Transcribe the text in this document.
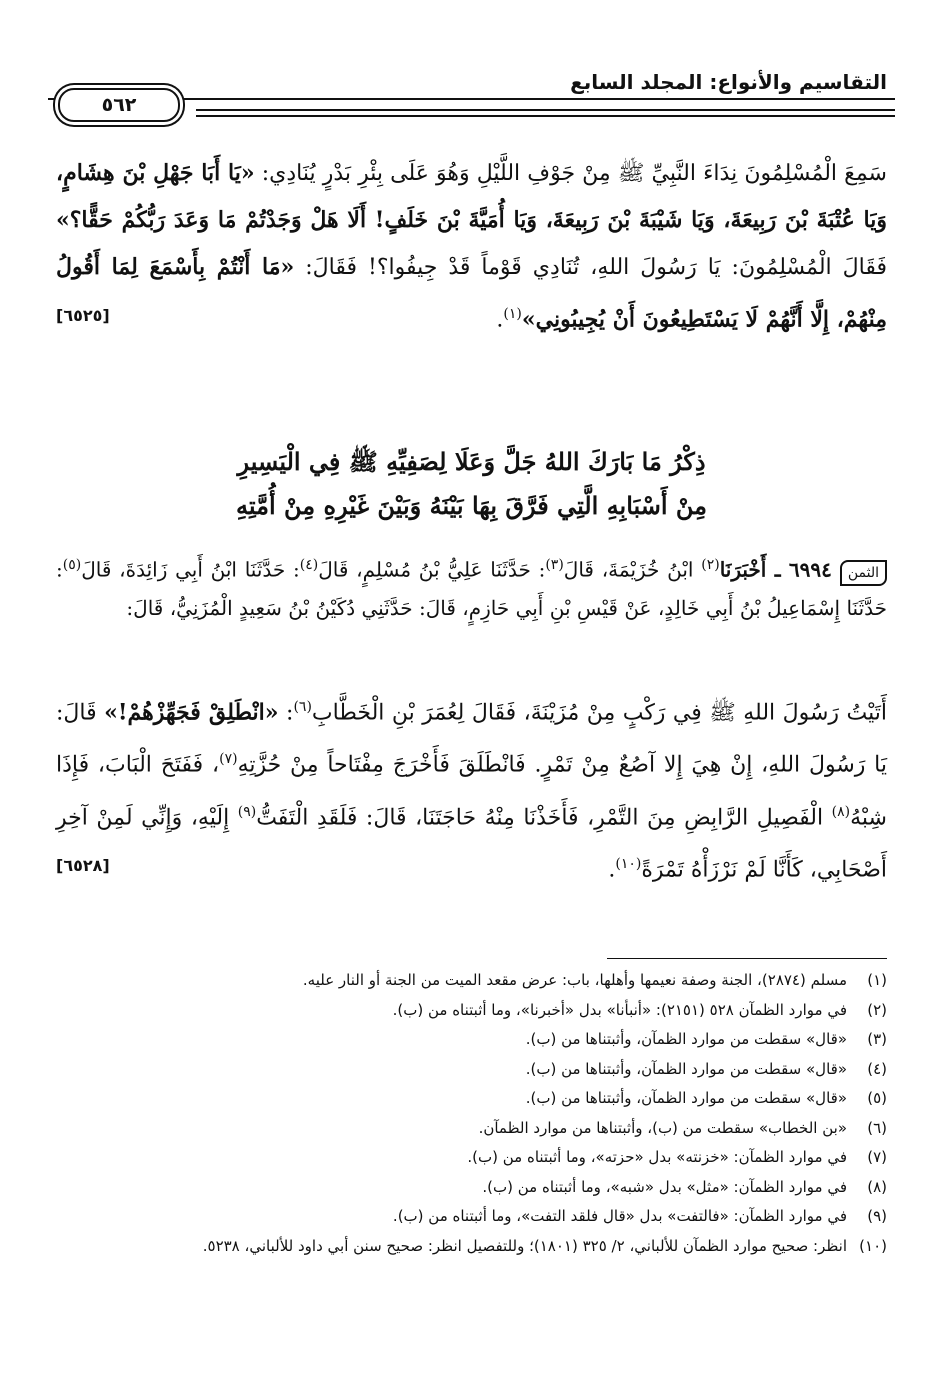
التقاسيم والأنواع: المجلد السابع
٥٦٢
سَمِعَ الْمُسْلِمُونَ نِدَاءَ النَّبِيِّ ﷺ مِنْ جَوْفِ اللَّيْلِ وَهُوَ عَلَى بِئْرِ بَدْرٍ يُنَادِي: «يَا أَبَا جَهْلِ بْنَ هِشَامٍ، وَيَا عُتْبَةَ بْنَ رَبِيعَةَ، وَيَا شَيْبَةَ بْنَ رَبِيعَةَ، وَيَا أُمَيَّةَ بْنَ خَلَفٍ! أَلَا هَلْ وَجَدْتُمْ مَا وَعَدَ رَبُّكُمْ حَقًّا؟» فَقَالَ الْمُسْلِمُونَ: يَا رَسُولَ اللهِ، تُنَادِي قَوْماً قَدْ جِيفُوا؟! فَقَالَ: «مَا أَنْتُمْ بِأَسْمَعَ لِمَا أَقُولُ مِنْهُمْ، إِلَّا أَنَّهُمْ لَا يَسْتَطِيعُونَ أَنْ يُجِيبُونِي»$^{(١)}$.
[٦٥٢٥]
ذِكْرُ مَا بَارَكَ اللهُ جَلَّ وَعَلَا لِصَفِيِّهِ ﷺ فِي الْيَسِيرِ
مِنْ أَسْبَابِهِ الَّتِي فَرَّقَ بِهَا بَيْنَهُ وَبَيْنَ غَيْرِهِ مِنْ أُمَّتِهِ
الثمن٦٩٩٤ ـ أَخْبَرَنَا$^{(٢)}$ ابْنُ خُزَيْمَةَ، قَالَ$^{(٣)}$: حَدَّثَنَا عَلِيُّ بْنُ مُسْلِمٍ، قَالَ$^{(٤)}$: حَدَّثَنَا ابْنُ أَبِي زَائِدَةَ، قَالَ$^{(٥)}$: حَدَّثَنَا إِسْمَاعِيلُ بْنُ أَبِي خَالِدٍ، عَنْ قَيْسِ بْنِ أَبِي حَازِمٍ، قَالَ: حَدَّثَنِي دُكَيْنُ بْنُ سَعِيدٍ الْمُزَنِيُّ، قَالَ:
أَتَيْتُ رَسُولَ اللهِ ﷺ فِي رَكْبٍ مِنْ مُزَيْنَةَ، فَقَالَ لِعُمَرَ بْنِ الْخَطَّابِ$^{(٦)}$: «انْطَلِقْ فَجَهِّزْهُمْ!» قَالَ: يَا رَسُولَ اللهِ، إِنْ هِيَ إِلا آصُعٌ مِنْ تَمْرٍ. فَانْطَلَقَ فَأَخْرَجَ مِفْتَاحاً مِنْ حُزَّتِهِ$^{(٧)}$، فَفَتَحَ الْبَابَ، فَإِذَا شِبْهُ$^{(٨)}$ الْفَصِيلِ الرَّابِضِ مِنَ التَّمْرِ، فَأَخَذْنَا مِنْهُ حَاجَتَنَا، قَالَ: فَلَقَدِ الْتَفَتُّ$^{(٩)}$ إِلَيْهِ، وَإِنِّي لَمِنْ آخِرِ أَصْحَابِي، كَأَنَّا لَمْ نَرْزَأْهُ تَمْرَةً$^{(١٠)}$.
[٦٥٢٨]
(١)مسلم (٢٨٧٤)، الجنة وصفة نعيمها وأهلها، باب: عرض مقعد الميت من الجنة أو النار عليه.
(٢)في موارد الظمآن ٥٢٨ (٢١٥١): «أنبأنا» بدل «أخبرنا»، وما أثبتناه من (ب).
(٣)«قال» سقطت من موارد الظمآن، وأثبتناها من (ب).
(٤)«قال» سقطت من موارد الظمآن، وأثبتناها من (ب).
(٥)«قال» سقطت من موارد الظمآن، وأثبتناها من (ب).
(٦)«بن الخطاب» سقطت من (ب)، وأثبتناها من موارد الظمآن.
(٧)في موارد الظمآن: «خزنته» بدل «حزته»، وما أثبتناه من (ب).
(٨)في موارد الظمآن: «مثل» بدل «شبه»، وما أثبتناه من (ب).
(٩)في موارد الظمآن: «فالتفت» بدل «قال فلقد التفت»، وما أثبتناه من (ب).
(١٠)انظر: صحيح موارد الظمآن للألباني، ٢/ ٣٢٥ (١٨٠١)؛ وللتفصيل انظر: صحيح سنن أبي داود للألباني، ٥٢٣٨.
